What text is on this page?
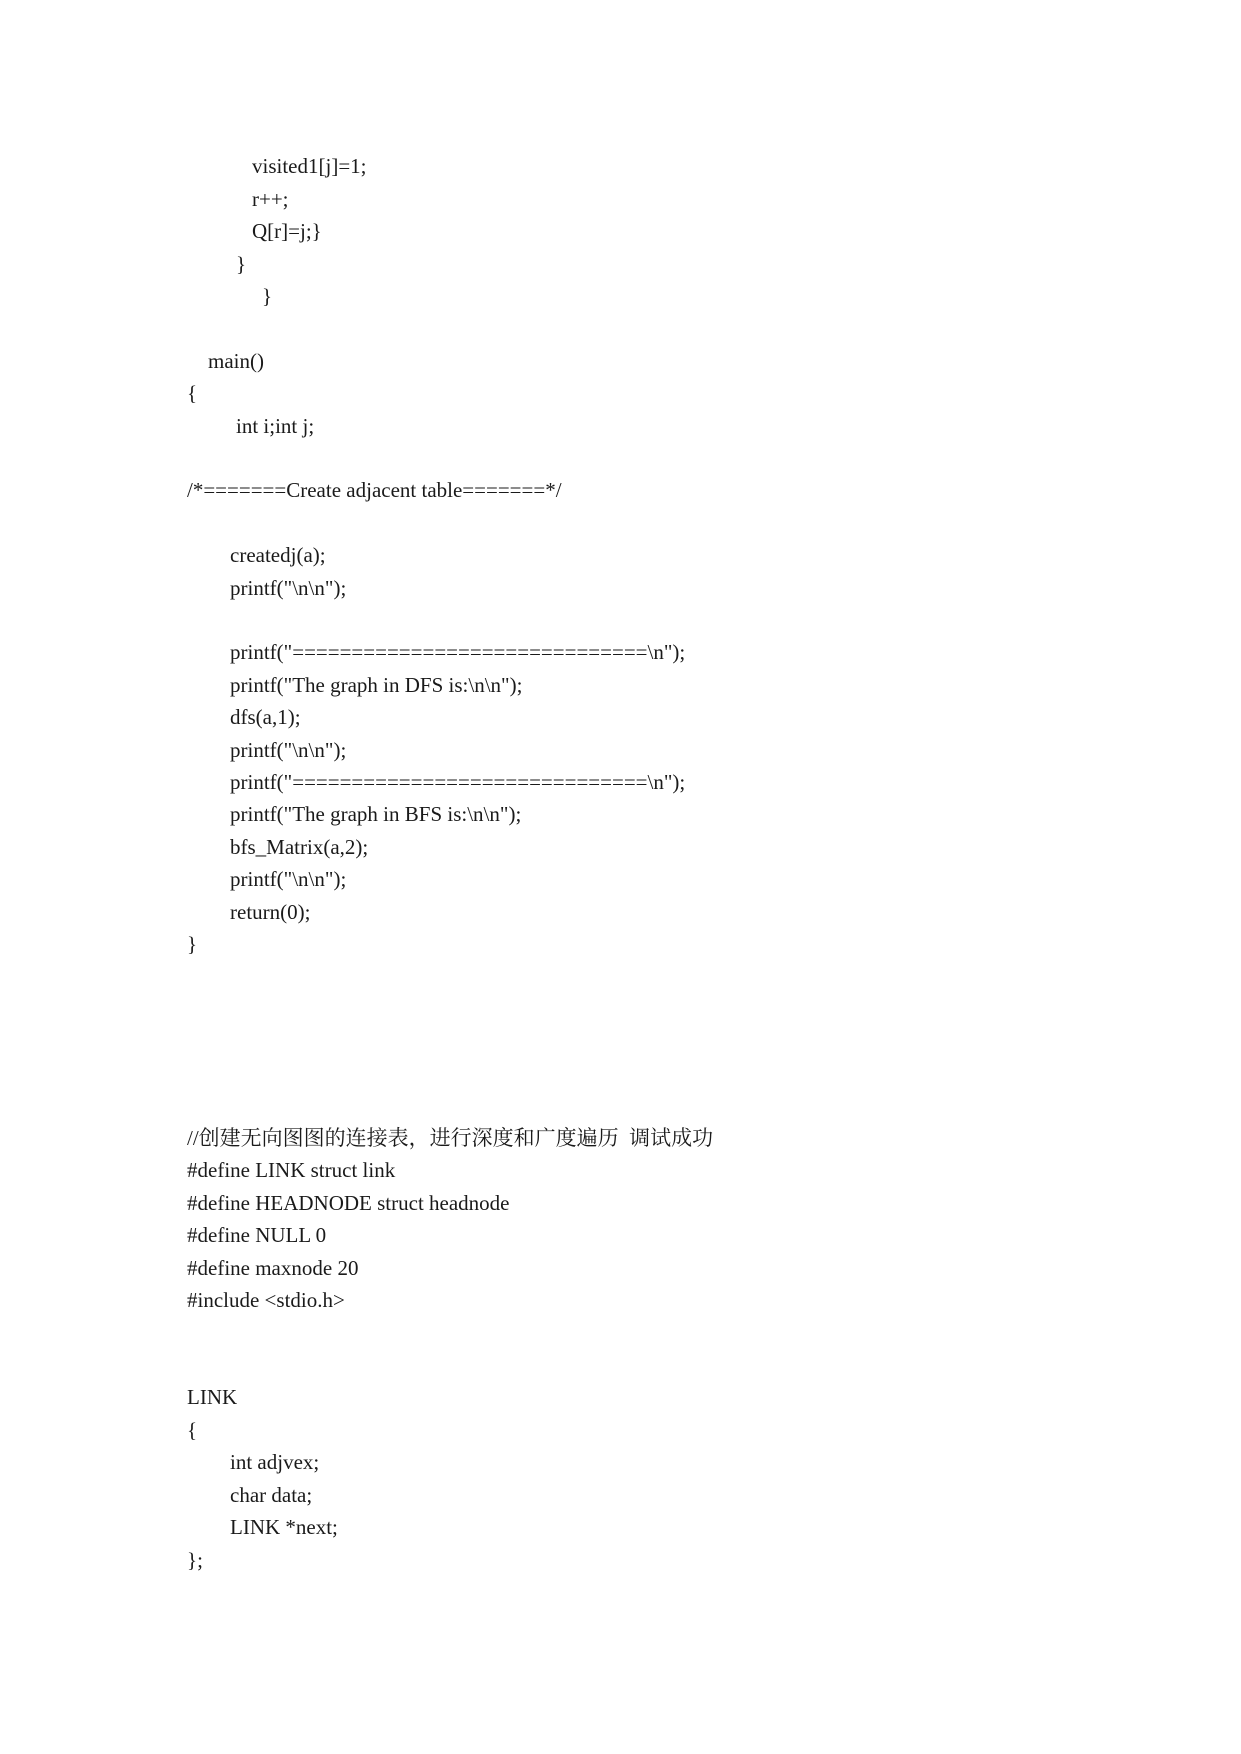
visited1[j]=1;
r++;
Q[r]=j;}
}
}
main()
{
int i;int j;
/*=======Create adjacent table=======*/
createdj(a);
printf("\n\n");
printf("==============================\n");
printf("The graph in DFS is:\n\n");
dfs(a,1);
printf("\n\n");
printf("==============================\n");
printf("The graph in BFS is:\n\n");
bfs_Matrix(a,2);
printf("\n\n");
return(0);
}
//创建无向图图的连接表，进行深度和广度遍历  调试成功
#define LINK struct link
#define HEADNODE struct headnode
#define NULL 0
#define maxnode 20
#include <stdio.h>
LINK
{
int adjvex;
char data;
LINK *next;
};
